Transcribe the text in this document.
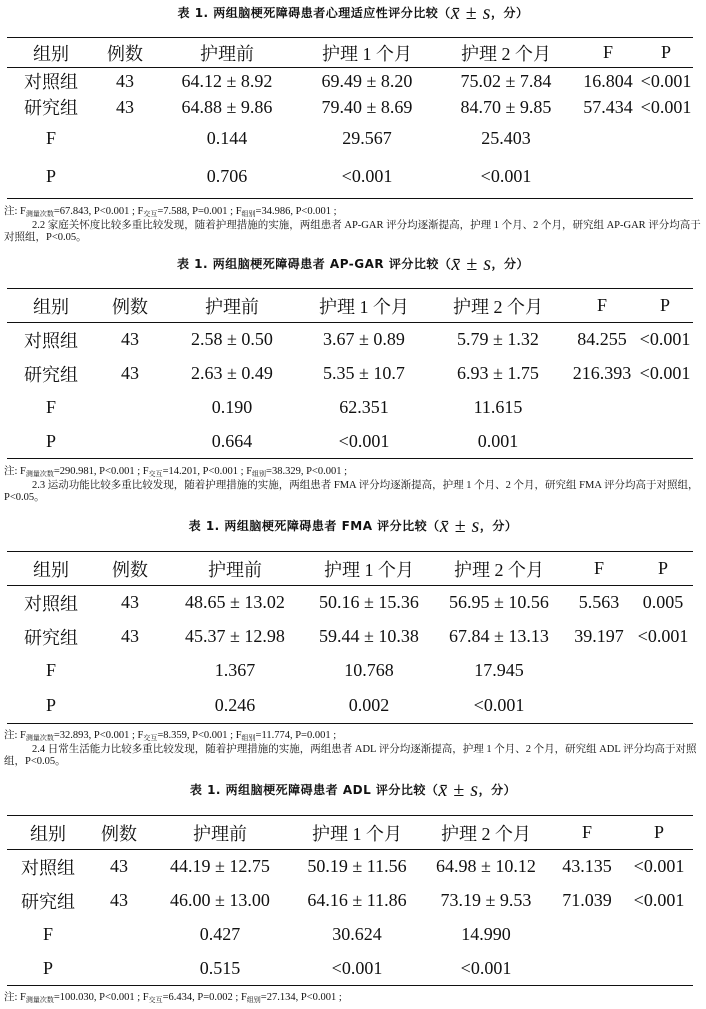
表 1. 两组脑梗死障碍患者心理适应性评分比较（x̄ ± s，分）
组别	例数	护理前	护理 1 个月	护理 2 个月	F	P
对照组	43	64.12 ± 8.92	69.49 ± 8.20	75.02 ± 7.84	16.804	<0.001
研究组	43	64.88 ± 9.86	79.40 ± 8.69	84.70 ± 9.85	57.434	<0.001
F		0.144	29.567	25.403		
P		0.706	<0.001	<0.001		
注: $F_{测量次数}=67.843$, P<0.001 ; $F_{交互}=7.588$, P=0.001 ; $F_{组别}=34.986$, P<0.001 ;
2.2 家庭关怀度比较多重比较发现，随着护理措施的实施，两组患者 AP-GAR 评分均逐渐提高，护理 1 个月、2 个月，研究组 AP-GAR 评分均高于对照组，P<0.05。
表 1. 两组脑梗死障碍患者 AP-GAR 评分比较（x̄ ± s，分）
组别	例数	护理前	护理 1 个月	护理 2 个月	F	P
对照组	43	2.58 ± 0.50	3.67 ± 0.89	5.79 ± 1.32	84.255	<0.001
研究组	43	2.63 ± 0.49	5.35 ± 10.7	6.93 ± 1.75	216.393	<0.001
F		0.190	62.351	11.615		
P		0.664	<0.001	0.001		
注: $F_{测量次数}=290.981$, P<0.001 ; $F_{交互}=14.201$, P<0.001 ; $F_{组别}=38.329$, P<0.001 ;
2.3 运动功能比较多重比较发现，随着护理措施的实施，两组患者 FMA 评分均逐渐提高，护理 1 个月、2 个月，研究组 FMA 评分均高于对照组，P<0.05。
表 1. 两组脑梗死障碍患者 FMA 评分比较（x̄ ± s，分）
组别	例数	护理前	护理 1 个月	护理 2 个月	F	P
对照组	43	48.65 ± 13.02	50.16 ± 15.36	56.95 ± 10.56	5.563	0.005
研究组	43	45.37 ± 12.98	59.44 ± 10.38	67.84 ± 13.13	39.197	<0.001
F		1.367	10.768	17.945		
P		0.246	0.002	<0.001		
注: $F_{测量次数}=32.893$, P<0.001 ; $F_{交互}=8.359$, P<0.001 ; $F_{组别}=11.774$, P=0.001 ;
2.4 日常生活能力比较多重比较发现，随着护理措施的实施，两组患者 ADL 评分均逐渐提高，护理 1 个月、2 个月，研究组 ADL 评分均高于对照组，P<0.05。
表 1. 两组脑梗死障碍患者 ADL 评分比较（x̄ ± s，分）
组别	例数	护理前	护理 1 个月	护理 2 个月	F	P
对照组	43	44.19 ± 12.75	50.19 ± 11.56	64.98 ± 10.12	43.135	<0.001
研究组	43	46.00 ± 13.00	64.16 ± 11.86	73.19 ± 9.53	71.039	<0.001
F		0.427	30.624	14.990		
P		0.515	<0.001	<0.001		
注: $F_{测量次数}=100.030$, P<0.001 ; $F_{交互}=6.434$, P=0.002 ; $F_{组别}=27.134$, P<0.001 ;
